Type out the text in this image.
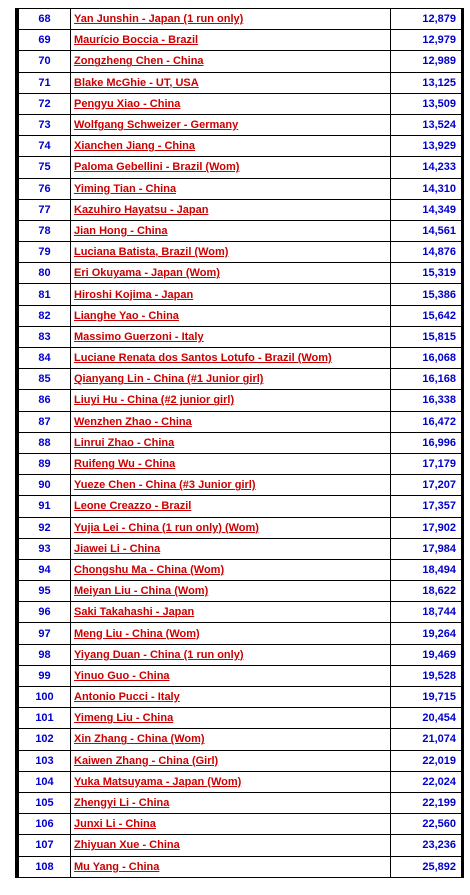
68	Yan Junshin - Japan (1 run only)	12,879
69	Maurício Boccia - Brazil	12,979
70	Zongzheng Chen - China	12,989
71	Blake McGhie - UT, USA	13,125
72	Pengyu Xiao - China	13,509
73	Wolfgang Schweizer - Germany	13,524
74	Xianchen Jiang - China	13,929
75	Paloma Gebellini - Brazil (Wom)	14,233
76	Yiming Tian - China	14,310
77	Kazuhiro Hayatsu - Japan	14,349
78	Jian Hong - China	14,561
79	Luciana Batista, Brazil (Wom)	14,876
80	Eri Okuyama - Japan (Wom)	15,319
81	Hiroshi Kojima - Japan	15,386
82	Lianghe Yao - China	15,642
83	Massimo Guerzoni - Italy	15,815
84	Luciane Renata dos Santos Lotufo - Brazil (Wom)	16,068
85	Qianyang Lin - China (#1 Junior girl)	16,168
86	Liuyi Hu - China (#2 junior girl)	16,338
87	Wenzhen Zhao - China	16,472
88	Linrui Zhao - China	16,996
89	Ruifeng Wu - China	17,179
90	Yueze Chen - China (#3 Junior girl)	17,207
91	Leone Creazzo - Brazil	17,357
92	Yujia Lei - China (1 run only) (Wom)	17,902
93	Jiawei Li - China	17,984
94	Chongshu Ma - China (Wom)	18,494
95	Meiyan Liu - China (Wom)	18,622
96	Saki Takahashi - Japan	18,744
97	Meng Liu - China (Wom)	19,264
98	Yiyang Duan - China (1 run only)	19,469
99	Yinuo Guo - China	19,528
100	Antonio Pucci - Italy	19,715
101	Yimeng Liu - China	20,454
102	Xin Zhang - China (Wom)	21,074
103	Kaiwen Zhang - China (Girl)	22,019
104	Yuka Matsuyama - Japan (Wom)	22,024
105	Zhengyi Li - China	22,199
106	Junxi Li - China	22,560
107	Zhiyuan Xue - China	23,236
108	Mu Yang - China	25,892
